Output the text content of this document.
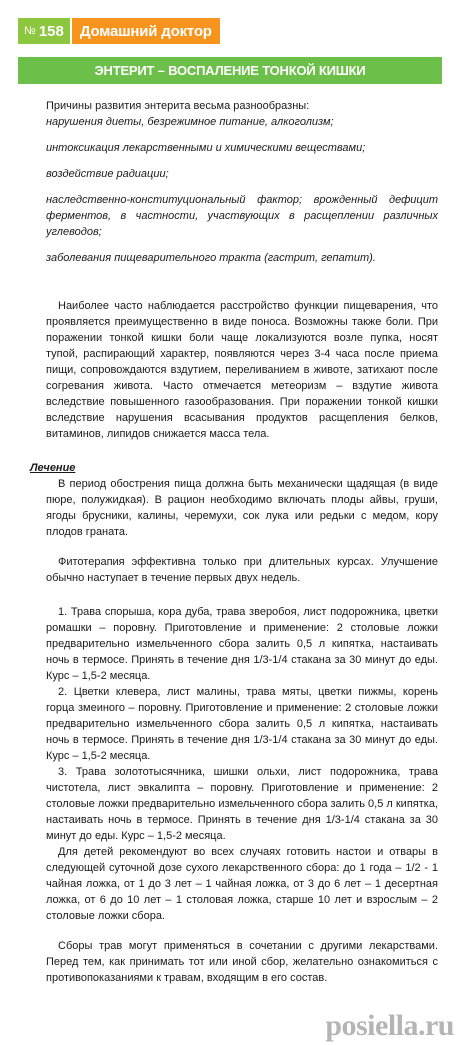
№ 158	Домашний доктор
ЭНТЕРИТ – ВОСПАЛЕНИЕ ТОНКОЙ КИШКИ

Причины развития энтерита весьма разнообразны:

нарушения диеты, безрежимное питание, алкоголизм;

интоксикация лекарственными и химическими веществами;

воздействие радиации;

наследственно-конституциональный фактор; врожденный дефицит ферментов, в частности, участвующих в расщеплении различных углеводов;

заболевания пищеварительного тракта (гастрит, гепатит).

Наиболее часто наблюдается расстройство функции пищеварения, что проявляется преимущественно в виде поноса. Возможны также боли. При поражении тонкой кишки боли чаще локализуются возле пупка, носят тупой, распирающий характер, появляются через 3-4 часа после приема пищи, сопровождаются вздутием, переливанием в животе, затихают после согревания живота. Часто отмечается метеоризм – вздутие живота вследствие повышенного газообразования. При поражении тонкой кишки вследствие нарушения всасывания продуктов расщепления белков, витаминов, липидов снижается масса тела.

Лечение

В период обострения пища должна быть механически щадящая (в виде пюре, полужидкая). В рацион необходимо включать плоды айвы, груши, ягоды брусники, калины, черемухи, сок лука или редьки с медом, кору плодов граната.

Фитотерапия эффективна только при длительных курсах. Улучшение обычно наступает в течение первых двух недель.

1. Трава спорыша, кора дуба, трава зверобоя, лист подорожника, цветки ромашки – поровну. Приготовление и применение: 2 столовые ложки предварительно измельченного сбора залить 0,5 л кипятка, настаивать ночь в термосе. Принять в течение дня 1/3-1/4 стакана за 30 минут до еды. Курс – 1,5-2 месяца.

2. Цветки клевера, лист малины, трава мяты, цветки пижмы, корень горца змеиного – поровну. Приготовление и применение: 2 столовые ложки предварительно измельченного сбора залить 0,5 л кипятка, настаивать ночь в термосе. Принять в течение дня 1/3-1/4 стакана за 30 минут до еды. Курс – 1,5-2 месяца.

3. Трава золототысячника, шишки ольхи, лист подорожника, трава чистотела, лист эвкалипта – поровну. Приготовление и применение: 2 столовые ложки предварительно измельченного сбора залить 0,5 л кипятка, настаивать ночь в термосе. Принять в течение дня 1/3-1/4 стакана за 30 минут до еды. Курс – 1,5-2 месяца.

Для детей рекомендуют во всех случаях готовить настои и отвары в следующей суточной дозе сухого лекарственного сбора: до 1 года – 1/2 - 1 чайная ложка, от 1 до 3 лет – 1 чайная ложка, от 3 до 6 лет – 1 десертная ложка, от 6 до 10 лет – 1 столовая ложка, старше 10 лет и взрослым – 2 столовые ложки сбора.

Сборы трав могут применяться в сочетании с другими лекарствами. Перед тем, как принимать тот или иной сбор, желательно ознакомиться с противопоказаниями к травам, входящим в его состав.

posiella.ru
